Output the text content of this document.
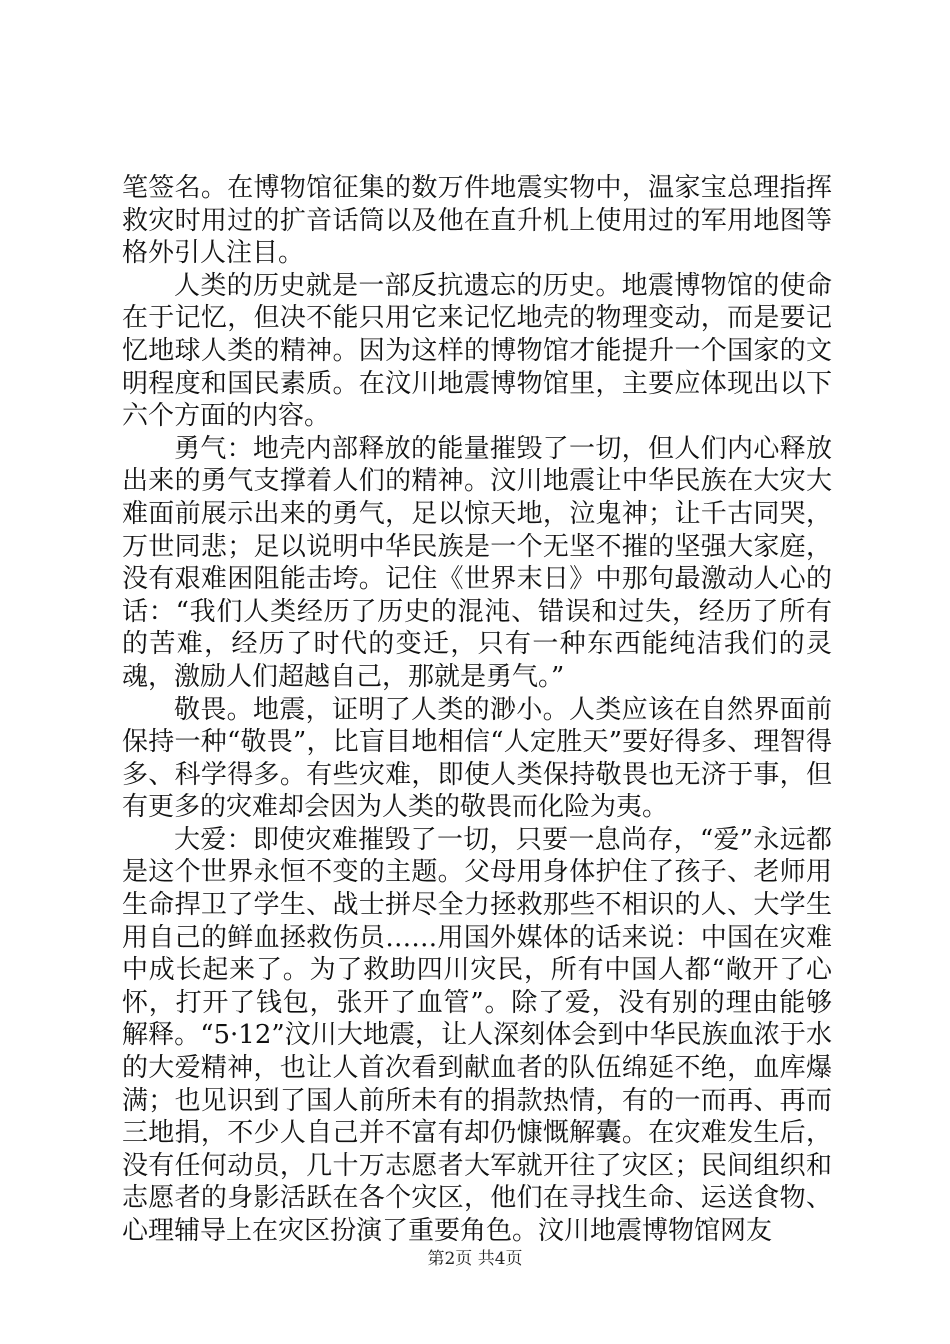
笔签名。在博物馆征集的数万件地震实物中，温家宝总理指挥救灾时用过的扩音话筒以及他在直升机上使用过的军用地图等格外引人注目。

人类的历史就是一部反抗遗忘的历史。地震博物馆的使命在于记忆，但决不能只用它来记忆地壳的物理变动，而是要记忆地球人类的精神。因为这样的博物馆才能提升一个国家的文明程度和国民素质。在汶川地震博物馆里，主要应体现出以下六个方面的内容。

勇气：地壳内部释放的能量摧毁了一切，但人们内心释放出来的勇气支撑着人们的精神。汶川地震让中华民族在大灾大难面前展示出来的勇气，足以惊天地，泣鬼神；让千古同哭，万世同悲；足以说明中华民族是一个无坚不摧的坚强大家庭，没有艰难困阻能击垮。记住《世界末日》中那句最激动人心的话：“我们人类经历了历史的混沌、错误和过失，经历了所有的苦难，经历了时代的变迁，只有一种东西能纯洁我们的灵魂，激励人们超越自己，那就是勇气。”

敬畏。地震，证明了人类的渺小。人类应该在自然界面前保持一种“敬畏”，比盲目地相信“人定胜天”要好得多、理智得多、科学得多。有些灾难，即使人类保持敬畏也无济于事，但有更多的灾难却会因为人类的敬畏而化险为夷。

大爱：即使灾难摧毁了一切，只要一息尚存，“爱”永远都是这个世界永恒不变的主题。父母用身体护住了孩子、老师用生命捍卫了学生、战士拼尽全力拯救那些不相识的人、大学生用自己的鲜血拯救伤员……用国外媒体的话来说：中国在灾难中成长起来了。为了救助四川灾民，所有中国人都“敞开了心怀，打开了钱包，张开了血管”。除了爱，没有别的理由能够解释。“5·12”汶川大地震，让人深刻体会到中华民族血浓于水的大爱精神，也让人首次看到献血者的队伍绵延不绝，血库爆满；也见识到了国人前所未有的捐款热情，有的一而再、再而三地捐，不少人自己并不富有却仍慷慨解囊。在灾难发生后，没有任何动员，几十万志愿者大军就开往了灾区；民间组织和志愿者的身影活跃在各个灾区，他们在寻找生命、运送食物、心理辅导上在灾区扮演了重要角色。汶川地震博物馆网友

第2页 共4页
